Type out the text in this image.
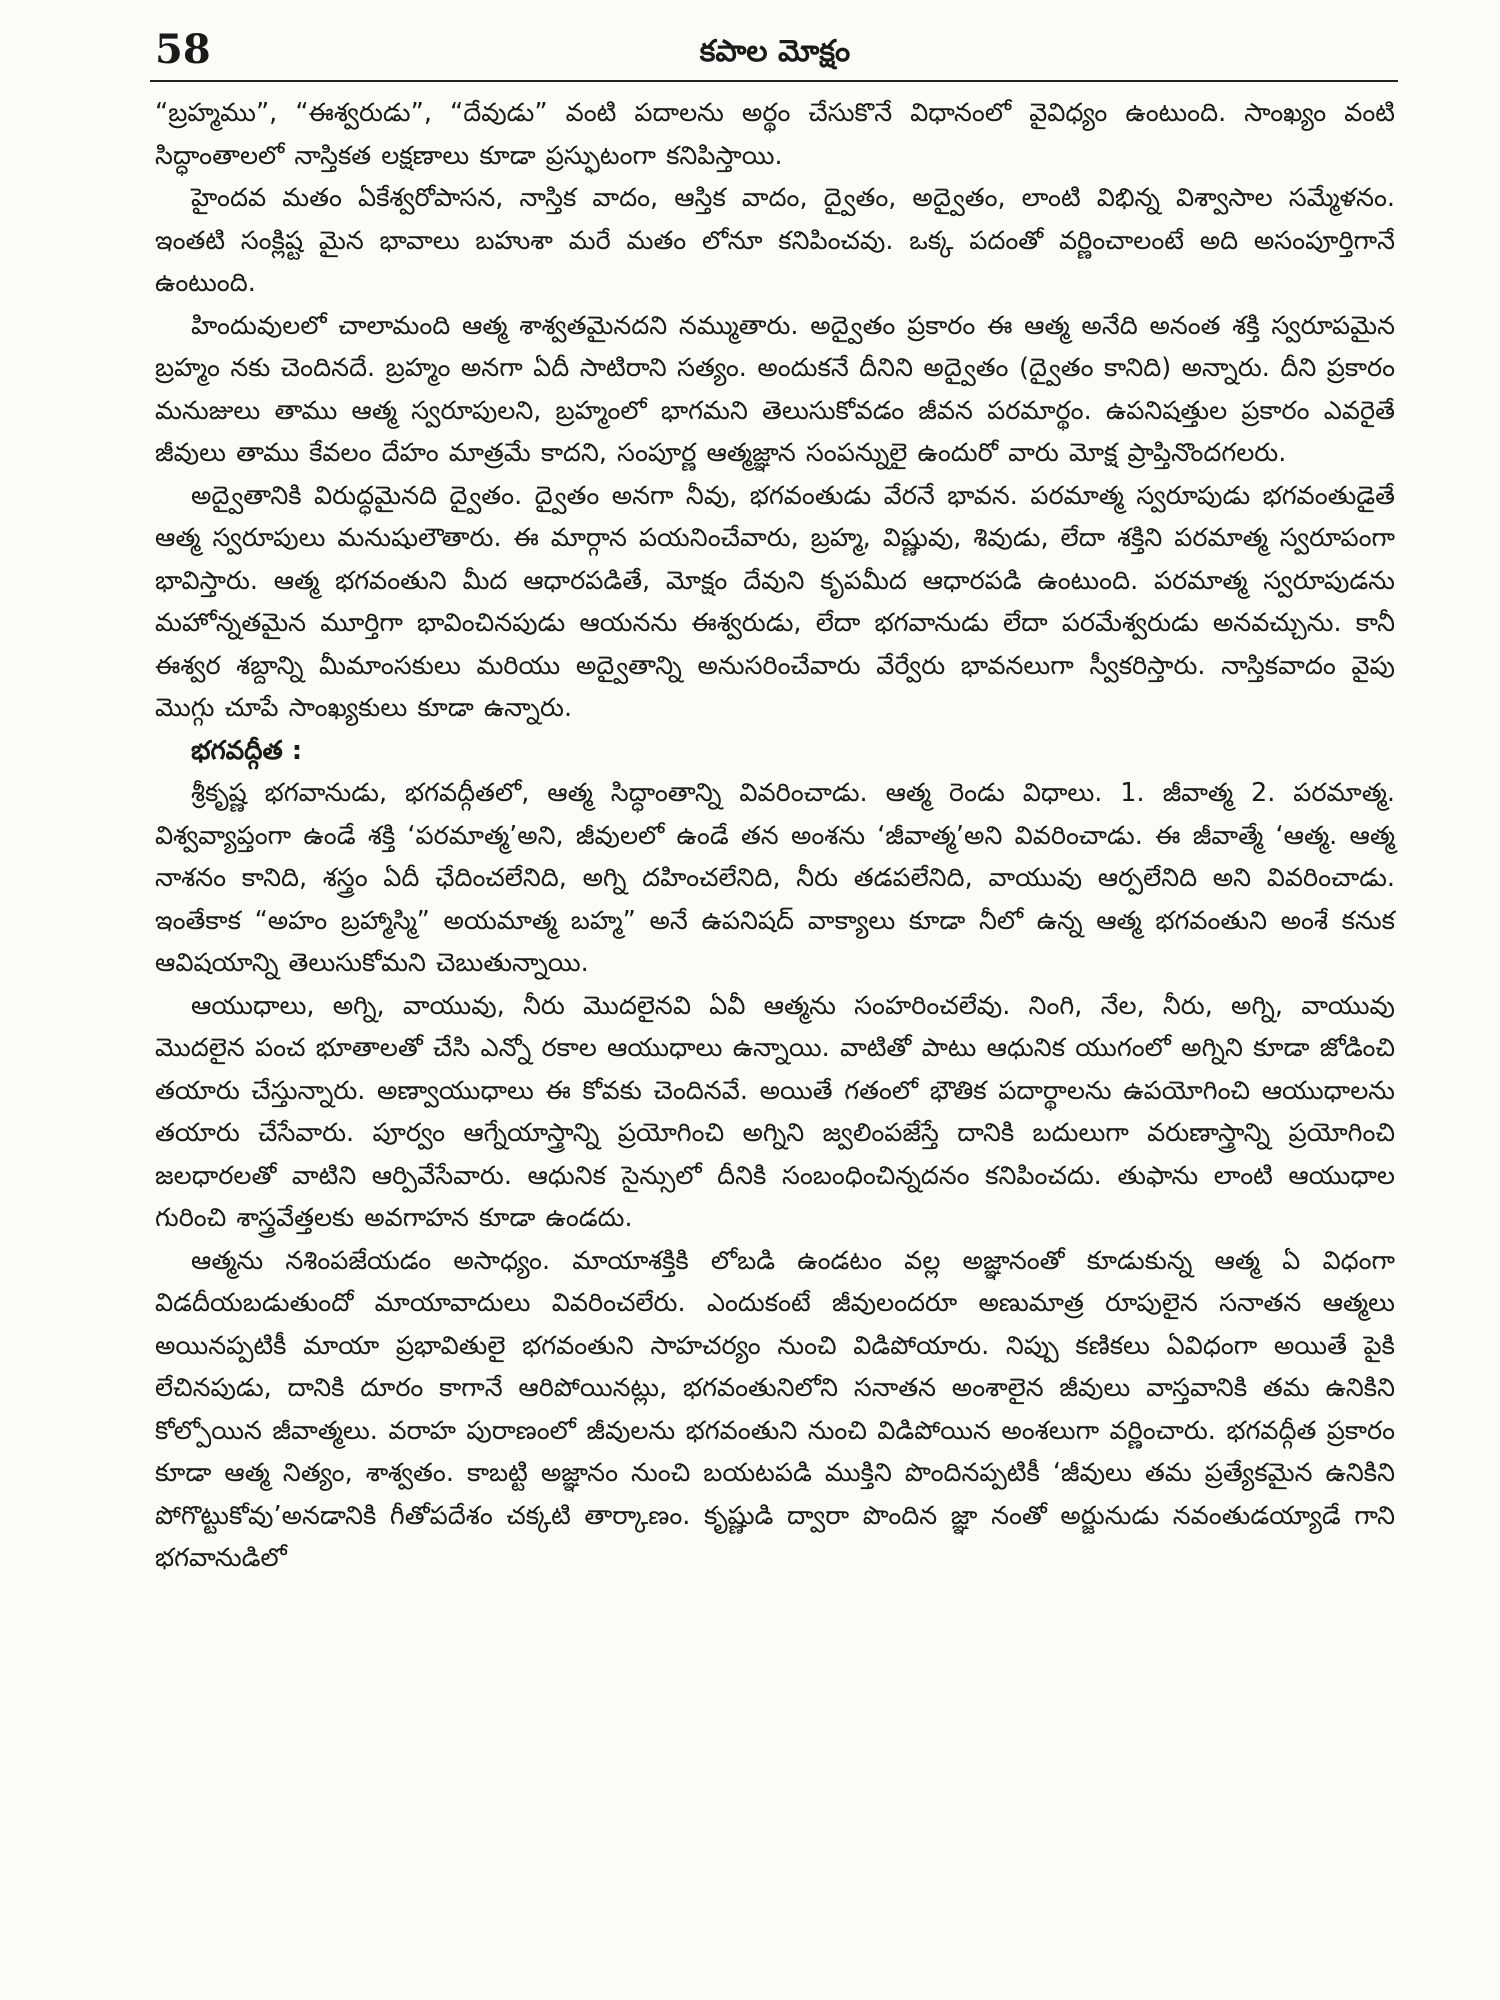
58	కపాల మోక్షం

“బ్రహ్మము”, “ఈశ్వరుడు”, “దేవుడు” వంటి పదాలను అర్థం చేసుకొనే విధానంలో వైవిధ్యం ఉంటుంది. సాంఖ్యం వంటి సిద్ధాంతాలలో నాస్తికత లక్షణాలు కూడా ప్రస్ఫుటంగా కనిపిస్తాయి.

హైందవ మతం ఏకేశ్వరోపాసన, నాస్తిక వాదం, ఆస్తిక వాదం, ద్వైతం, అద్వైతం, లాంటి విభిన్న విశ్వాసాల సమ్మేళనం. ఇంతటి సంక్లిష్ట మైన భావాలు బహుశా మరే మతం లోనూ కనిపించవు. ఒక్క పదంతో వర్ణించాలంటే అది అసంపూర్తిగానే ఉంటుంది.

హిందువులలో చాలామంది ఆత్మ శాశ్వతమైనదని నమ్ముతారు. అద్వైతం ప్రకారం ఈ ఆత్మ అనేది అనంత శక్తి స్వరూపమైన బ్రహ్మం నకు చెందినదే. బ్రహ్మం అనగా ఏదీ సాటిరాని సత్యం. అందుకనే దీనిని అద్వైతం (ద్వైతం కానిది) అన్నారు. దీని ప్రకారం మనుజులు తాము ఆత్మ స్వరూపులని, బ్రహ్మంలో భాగమని తెలుసుకోవడం జీవన పరమార్థం. ఉపనిషత్తుల ప్రకారం ఎవరైతే జీవులు తాము కేవలం దేహం మాత్రమే కాదని, సంపూర్ణ ఆత్మజ్ఞాన సంపన్నులై ఉందురో వారు మోక్ష ప్రాప్తినొందగలరు.

అద్వైతానికి విరుద్ధమైనది ద్వైతం. ద్వైతం అనగా నీవు, భగవంతుడు వేరనే భావన. పరమాత్మ స్వరూపుడు భగవంతుడైతే ఆత్మ స్వరూపులు మనుషులౌతారు. ఈ మార్గాన పయనించేవారు, బ్రహ్మ, విష్ణువు, శివుడు, లేదా శక్తిని పరమాత్మ స్వరూపంగా భావిస్తారు. ఆత్మ భగవంతుని మీద ఆధారపడితే, మోక్షం దేవుని కృపమీద ఆధారపడి ఉంటుంది. పరమాత్మ స్వరూపుడను మహోన్నతమైన మూర్తిగా భావించినపుడు ఆయనను ఈశ్వరుడు, లేదా భగవానుడు లేదా పరమేశ్వరుడు అనవచ్చును. కానీ ఈశ్వర శబ్దాన్ని మీమాంసకులు మరియు అద్వైతాన్ని అనుసరించేవారు వేర్వేరు భావనలుగా స్వీకరిస్తారు. నాస్తికవాదం వైపు మొగ్గు చూపే సాంఖ్యకులు కూడా ఉన్నారు.

భగవద్గీత :

శ్రీకృష్ణ భగవానుడు, భగవద్గీతలో, ఆత్మ సిద్ధాంతాన్ని వివరించాడు. ఆత్మ రెండు విధాలు. 1. జీవాత్మ 2. పరమాత్మ. విశ్వవ్యాప్తంగా ఉండే శక్తి ‘పరమాత్మ’అని, జీవులలో ఉండే తన అంశను ‘జీవాత్మ’అని వివరించాడు. ఈ జీవాత్మే ‘ఆత్మ. ఆత్మ నాశనం కానిది, శస్త్రం ఏదీ ఛేదించలేనిది, అగ్ని దహించలేనిది, నీరు తడపలేనిది, వాయువు ఆర్పలేనిది అని వివరించాడు. ఇంతేకాక “అహం బ్రహ్మాస్మి” అయమాత్మ బహ్మ” అనే ఉపనిషద్ వాక్యాలు కూడా నీలో ఉన్న ఆత్మ భగవంతుని అంశే కనుక ఆవిషయాన్ని తెలుసుకోమని చెబుతున్నాయి.

ఆయుధాలు, అగ్ని, వాయువు, నీరు మొదలైనవి ఏవీ ఆత్మను సంహరించలేవు. నింగి, నేల, నీరు, అగ్ని, వాయువు మొదలైన పంచ భూతాలతో చేసి ఎన్నో రకాల ఆయుధాలు ఉన్నాయి. వాటితో పాటు ఆధునిక యుగంలో అగ్నిని కూడా జోడించి తయారు చేస్తున్నారు. అణ్వాయుధాలు ఈ కోవకు చెందినవే. అయితే గతంలో భౌతిక పదార్థాలను ఉపయోగించి ఆయుధాలను తయారు చేసేవారు. పూర్వం ఆగ్నేయాస్త్రాన్ని ప్రయోగించి అగ్నిని జ్వలింపజేస్తే దానికి బదులుగా వరుణాస్త్రాన్ని ప్రయోగించి జలధారలతో వాటిని ఆర్పివేసేవారు. ఆధునిక సైన్సులో దీనికి సంబంధించిన్నదనం కనిపించదు. తుఫాను లాంటి ఆయుధాల గురించి శాస్త్రవేత్తలకు అవగాహన కూడా ఉండదు.

ఆత్మను నశింపజేయడం అసాధ్యం. మాయాశక్తికి లోబడి ఉండటం వల్ల అజ్ఞానంతో కూడుకున్న ఆత్మ ఏ విధంగా విడదీయబడుతుందో మాయావాదులు వివరించలేరు. ఎందుకంటే జీవులందరూ అణుమాత్ర రూపులైన సనాతన ఆత్మలు అయినప్పటికీ మాయా ప్రభావితులై భగవంతుని సాహచర్యం నుంచి విడిపోయారు. నిప్పు కణికలు ఏవిధంగా అయితే పైకి లేచినపుడు, దానికి దూరం కాగానే ఆరిపోయినట్లు, భగవంతునిలోని సనాతన అంశాలైన జీవులు వాస్తవానికి తమ ఉనికిని కోల్పోయిన జీవాత్మలు. వరాహ పురాణంలో జీవులను భగవంతుని నుంచి విడిపోయిన అంశలుగా వర్ణించారు. భగవద్గీత ప్రకారం కూడా ఆత్మ నిత్యం, శాశ్వతం. కాబట్టి అజ్ఞానం నుంచి బయటపడి ముక్తిని పొందినప్పటికీ ‘జీవులు తమ ప్రత్యేకమైన ఉనికిని పోగొట్టుకోవు’అనడానికి గీతోపదేశం చక్కటి తార్కాణం. కృష్ణుడి ద్వారా పొందిన జ్ఞా నంతో అర్జునుడు నవంతుడయ్యాడే గాని భగవానుడిలో
